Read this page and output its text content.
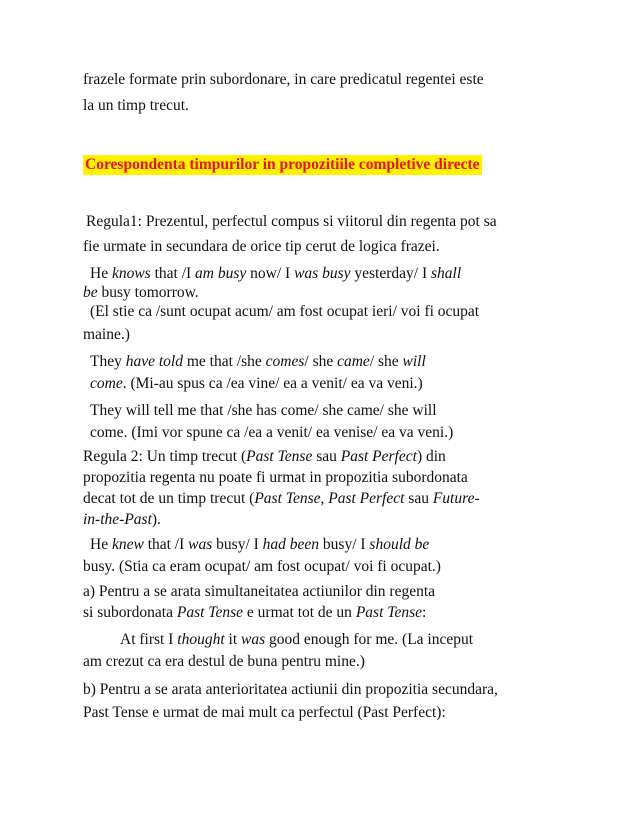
frazele formate prin subordonare, in care predicatul regentei este
la un timp trecut.
Corespondenta timpurilor in propozitiile completive directe
Regula1: Prezentul, perfectul compus si viitorul din regenta pot sa
fie urmate in secundara de orice tip cerut de logica frazei.
He knows that /I am busy now/ I was busy yesterday/ I shall
be busy tomorrow.
(El stie ca /sunt ocupat acum/ am fost ocupat ieri/ voi fi ocupat
maine.)
They have told me that /she comes/ she came/ she will
come. (Mi-au spus ca /ea vine/ ea a venit/ ea va veni.)
They will tell me that /she has come/ she came/ she will
come. (Imi vor spune ca /ea a venit/ ea venise/ ea va veni.)
Regula 2: Un timp trecut (Past Tense sau Past Perfect) din
propozitia regenta nu poate fi urmat in propozitia subordonata
decat tot de un timp trecut (Past Tense, Past Perfect sau Future-
in-the-Past).
He knew that /I was busy/ I had been busy/ I should be
busy. (Stia ca eram ocupat/ am fost ocupat/ voi fi ocupat.)
a) Pentru a se arata simultaneitatea actiunilor din regenta
si subordonata Past Tense e urmat tot de un Past Tense:
At first I thought it was good enough for me. (La inceput
am crezut ca era destul de buna pentru mine.)
b) Pentru a se arata anterioritatea actiunii din propozitia secundara,
Past Tense e urmat de mai mult ca perfectul (Past Perfect):
